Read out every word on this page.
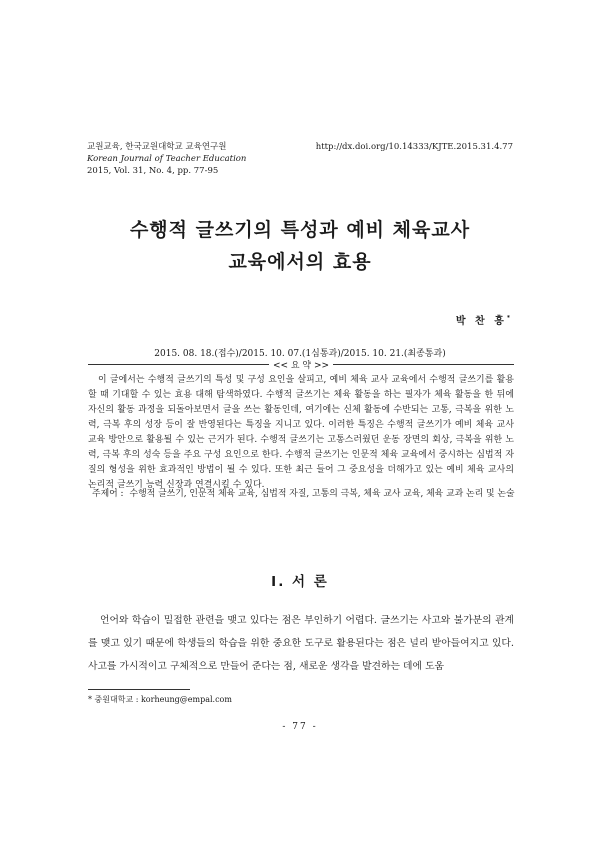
교원교육, 한국교원대학교 교육연구원
Korean Journal of Teacher Education
2015, Vol. 31, No. 4, pp. 77-95
http://dx.doi.org/10.14333/KJTE.2015.31.4.77
수행적 글쓰기의 특성과 예비 체육교사
교육에서의 효용
박 찬 흥*
2015. 08. 18.(접수)/2015. 10. 07.(1심통과)/2015. 10. 21.(최종통과)
<< 요 약 >>

이 글에서는 수행적 글쓰기의 특성 및 구성 요인을 살피고, 예비 체육 교사 교육에서 수행적 글쓰기를 활용할 때 기대할 수 있는 효용 대해 탐색하였다. 수행적 글쓰기는 체육 활동을 하는 필자가 체육 활동을 한 뒤에 자신의 활동 과정을 되돌아보면서 글을 쓰는 활동인데, 여기에는 신체 활동에 수반되는 고통, 극복을 위한 노력, 극복 후의 성장 등이 잘 반영된다는 특징을 지니고 있다. 이러한 특징은 수행적 글쓰기가 예비 체육 교사 교육 방안으로 활용될 수 있는 근거가 된다. 수행적 글쓰기는 고통스러웠던 운동 장면의 회상, 극복을 위한 노력, 극복 후의 성숙 등을 주요 구성 요인으로 한다. 수행적 글쓰기는 인문적 체육 교육에서 중시하는 심법적 자질의 형성을 위한 효과적인 방법이 될 수 있다. 또한 최근 들어 그 중요성을 더해가고 있는 예비 체육 교사의 논리적 글쓰기 능력 신장과 연결시킬 수 있다.

주제어 : 수행적 글쓰기, 인문적 체육 교육, 심법적 자질, 고통의 극복, 체육 교사 교육, 체육 교과 논리 및 논술
Ⅰ. 서 론

언어와 학습이 밀접한 관련을 맺고 있다는 점은 부인하기 어렵다. 글쓰기는 사고와 불가분의 관계를 맺고 있기 때문에 학생들의 학습을 위한 중요한 도구로 활용된다는 점은 널리 받아들여지고 있다. 사고를 가시적이고 구체적으로 만들어 준다는 점, 새로운 생각을 발견하는 데에 도움

* 중원대학교 : korheung@empal.com
- 77 -
